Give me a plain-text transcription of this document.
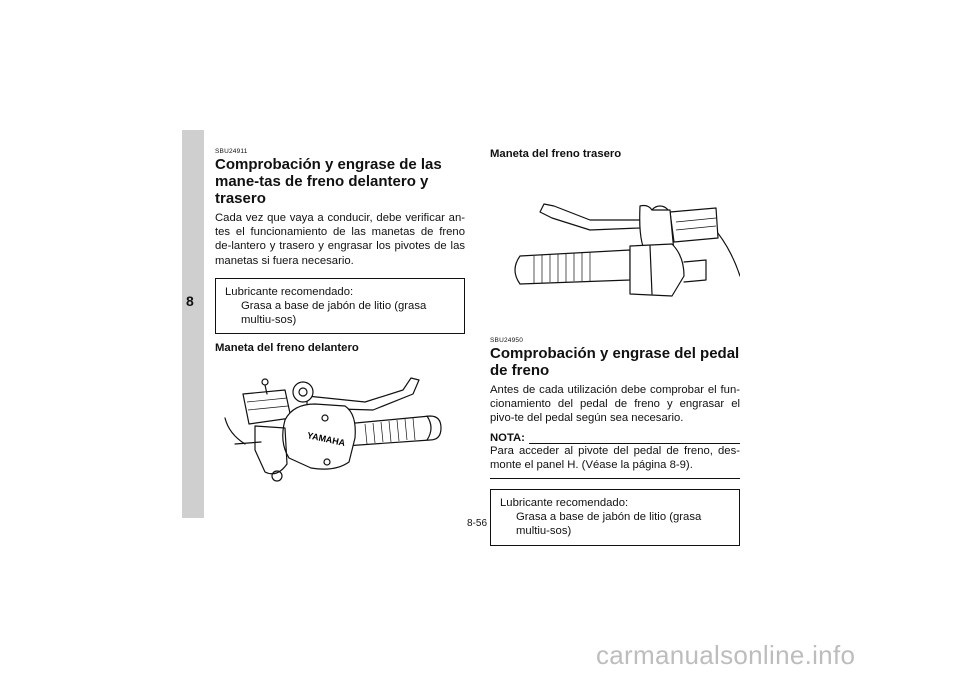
8
SBU24911
Comprobación y engrase de las mane-tas de freno delantero y trasero

Cada vez que vaya a conducir, debe verificar an-tes el funcionamiento de las manetas de freno de-lantero y trasero y engrasar los pivotes de las manetas si fuera necesario.

Lubricante recomendado:
Grasa a base de jabón de litio (grasa multiu-sos)
Maneta del freno delantero
YAMAHA
Maneta del freno trasero
SBU24950
Comprobación y engrase del pedal de freno

Antes de cada utilización debe comprobar el fun-cionamiento del pedal de freno y engrasar el pivo-te del pedal según sea necesario.

NOTA:

Para acceder al pivote del pedal de freno, des-monte el panel H. (Véase la página 8-9).

Lubricante recomendado:
Grasa a base de jabón de litio (grasa multiu-sos)
8-56
carmanualsonline.info
